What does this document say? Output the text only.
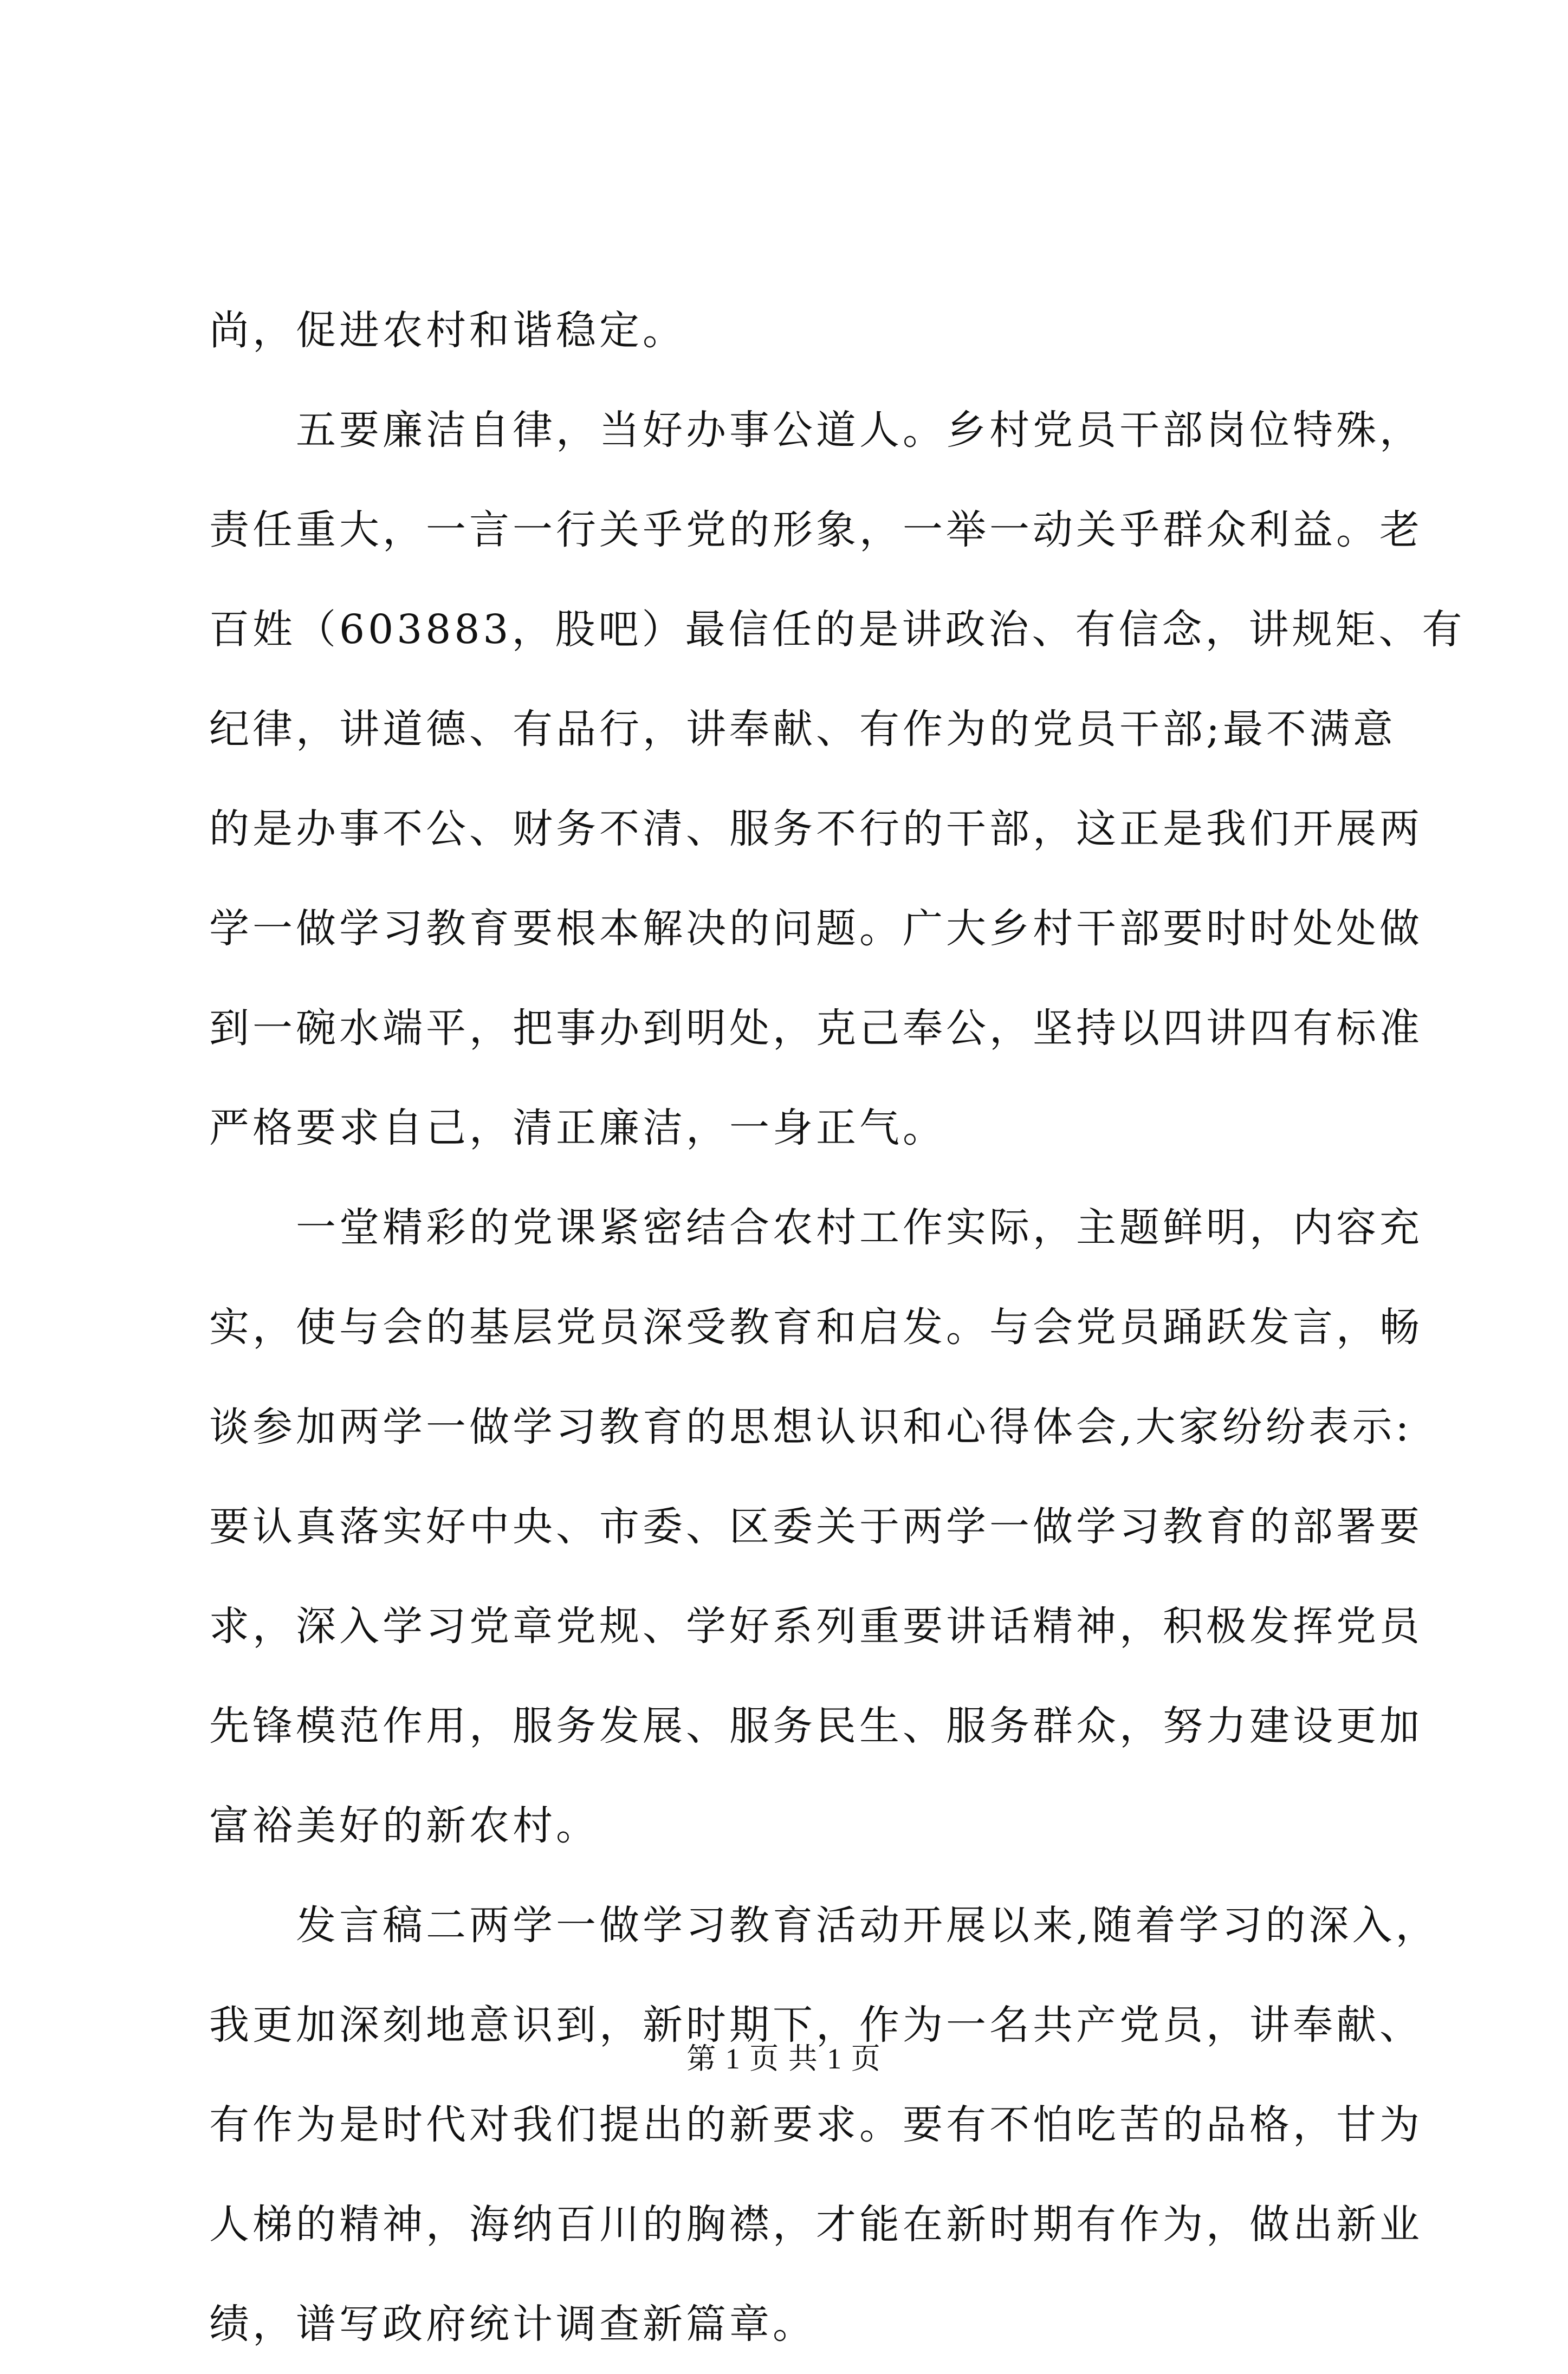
尚，促进农村和谐稳定。
五要廉洁自律，当好办事公道人。乡村党员干部岗位特殊，
责任重大，一言一行关乎党的形象，一举一动关乎群众利益。老
百姓（603883，股吧）最信任的是讲政治、有信念，讲规矩、有
纪律，讲道德、有品行，讲奉献、有作为的党员干部;最不满意
的是办事不公、财务不清、服务不行的干部，这正是我们开展两
学一做学习教育要根本解决的问题。广大乡村干部要时时处处做
到一碗水端平，把事办到明处，克己奉公，坚持以四讲四有标准
严格要求自己，清正廉洁，一身正气。
一堂精彩的党课紧密结合农村工作实际，主题鲜明，内容充
实，使与会的基层党员深受教育和启发。与会党员踊跃发言，畅
谈参加两学一做学习教育的思想认识和心得体会,大家纷纷表示:
要认真落实好中央、市委、区委关于两学一做学习教育的部署要
求，深入学习党章党规、学好系列重要讲话精神，积极发挥党员
先锋模范作用，服务发展、服务民生、服务群众，努力建设更加
富裕美好的新农村。
发言稿二两学一做学习教育活动开展以来,随着学习的深入，
我更加深刻地意识到，新时期下，作为一名共产党员，讲奉献、
有作为是时代对我们提出的新要求。要有不怕吃苦的品格，甘为
人梯的精神，海纳百川的胸襟，才能在新时期有作为，做出新业
绩，谱写政府统计调查新篇章。
第 1 页 共 1 页
